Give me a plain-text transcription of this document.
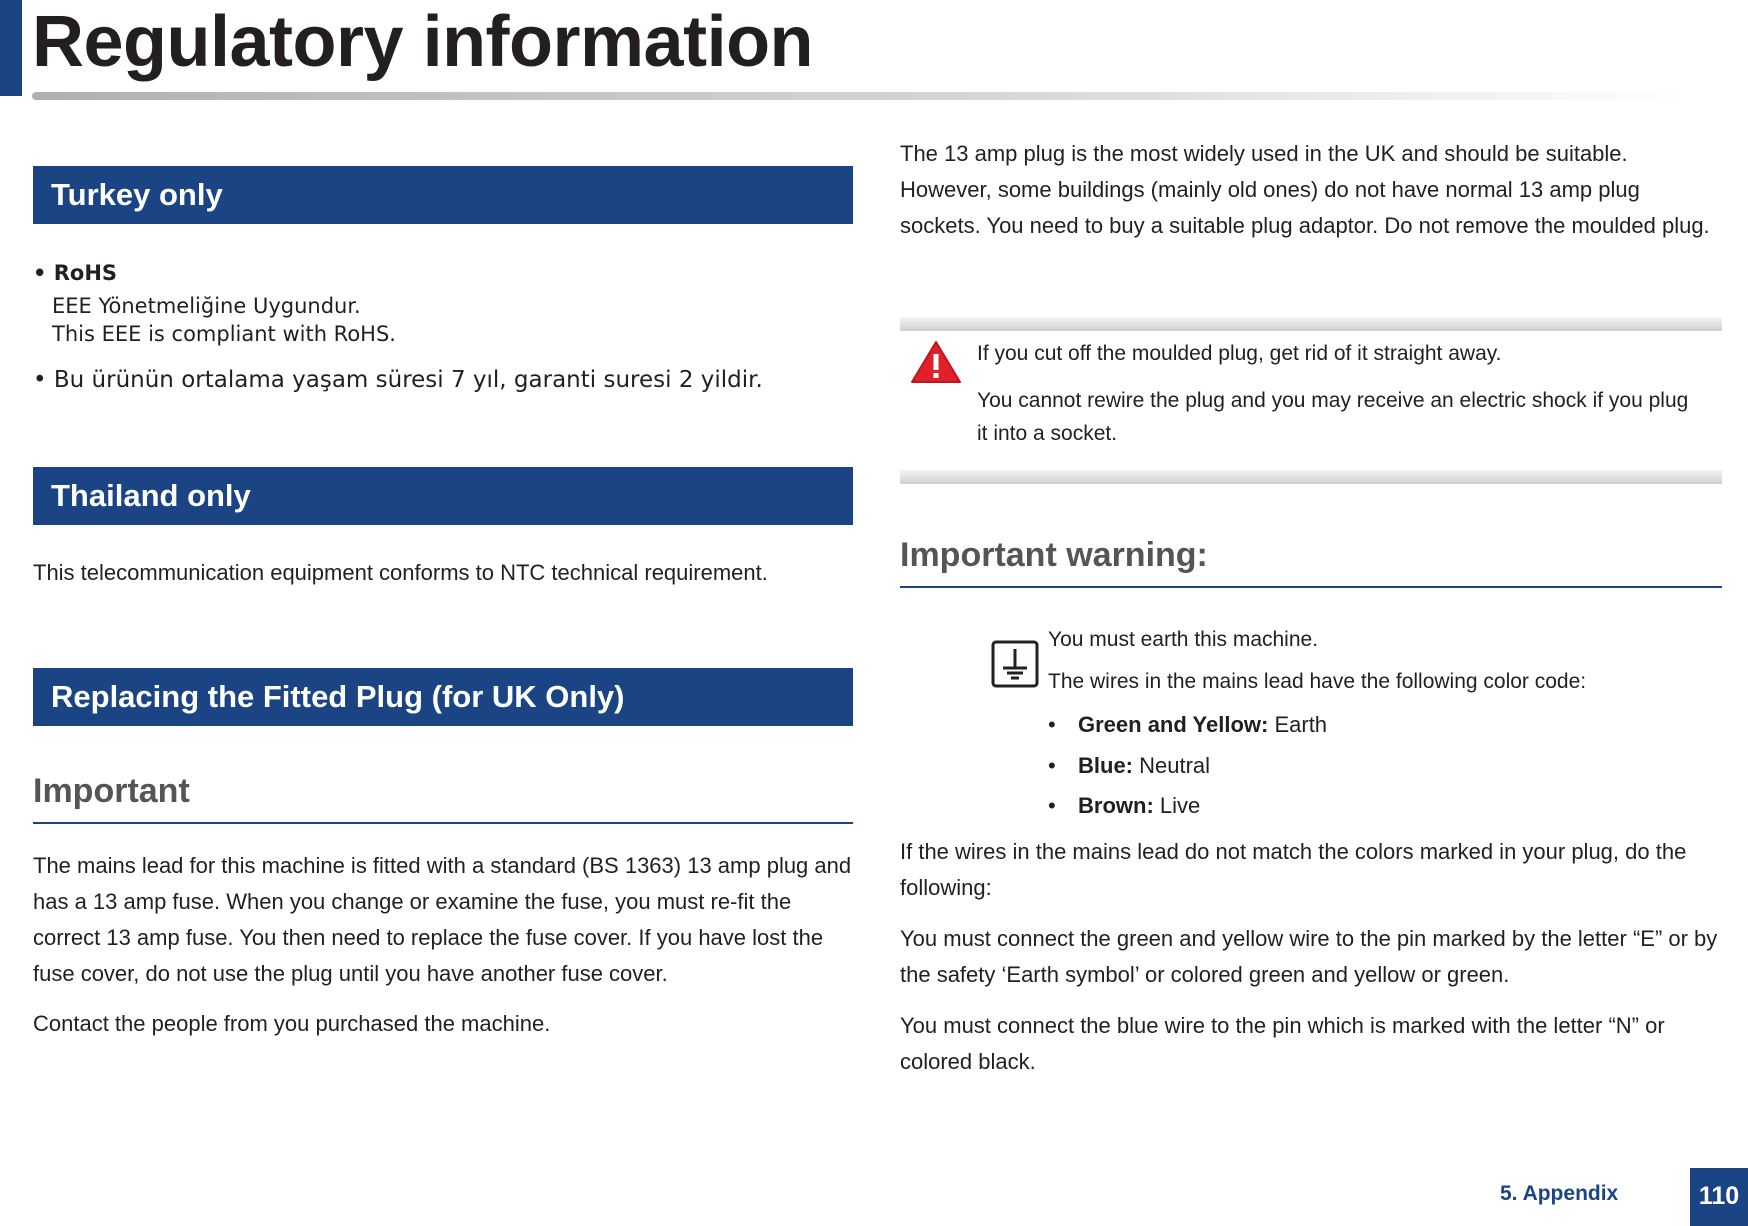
Regulatory information
Turkey only
• RoHS
EEE Yönetmeliğine Uygundur.
This EEE is compliant with RoHS.
• Bu ürünün ortalama yaşam süresi 7 yıl, garanti suresi 2 yildir.
Thailand only
This telecommunication equipment conforms to NTC technical requirement.
Replacing the Fitted Plug (for UK Only)
Important
The mains lead for this machine is fitted with a standard (BS 1363) 13 amp plug and has a 13 amp fuse. When you change or examine the fuse, you must re-fit the correct 13 amp fuse. You then need to replace the fuse cover. If you have lost the fuse cover, do not use the plug until you have another fuse cover.
Contact the people from you purchased the machine.
The 13 amp plug is the most widely used in the UK and should be suitable. However, some buildings (mainly old ones) do not have normal 13 amp plug sockets. You need to buy a suitable plug adaptor. Do not remove the moulded plug.
If you cut off the moulded plug, get rid of it straight away.
You cannot rewire the plug and you may receive an electric shock if you plug it into a socket.
Important warning:
You must earth this machine.
The wires in the mains lead have the following color code:
• Green and Yellow: Earth
• Blue: Neutral
• Brown: Live
If the wires in the mains lead do not match the colors marked in your plug, do the following:
You must connect the green and yellow wire to the pin marked by the letter “E” or by the safety ‘Earth symbol’ or colored green and yellow or green.
You must connect the blue wire to the pin which is marked with the letter “N” or colored black.
5. Appendix	110
